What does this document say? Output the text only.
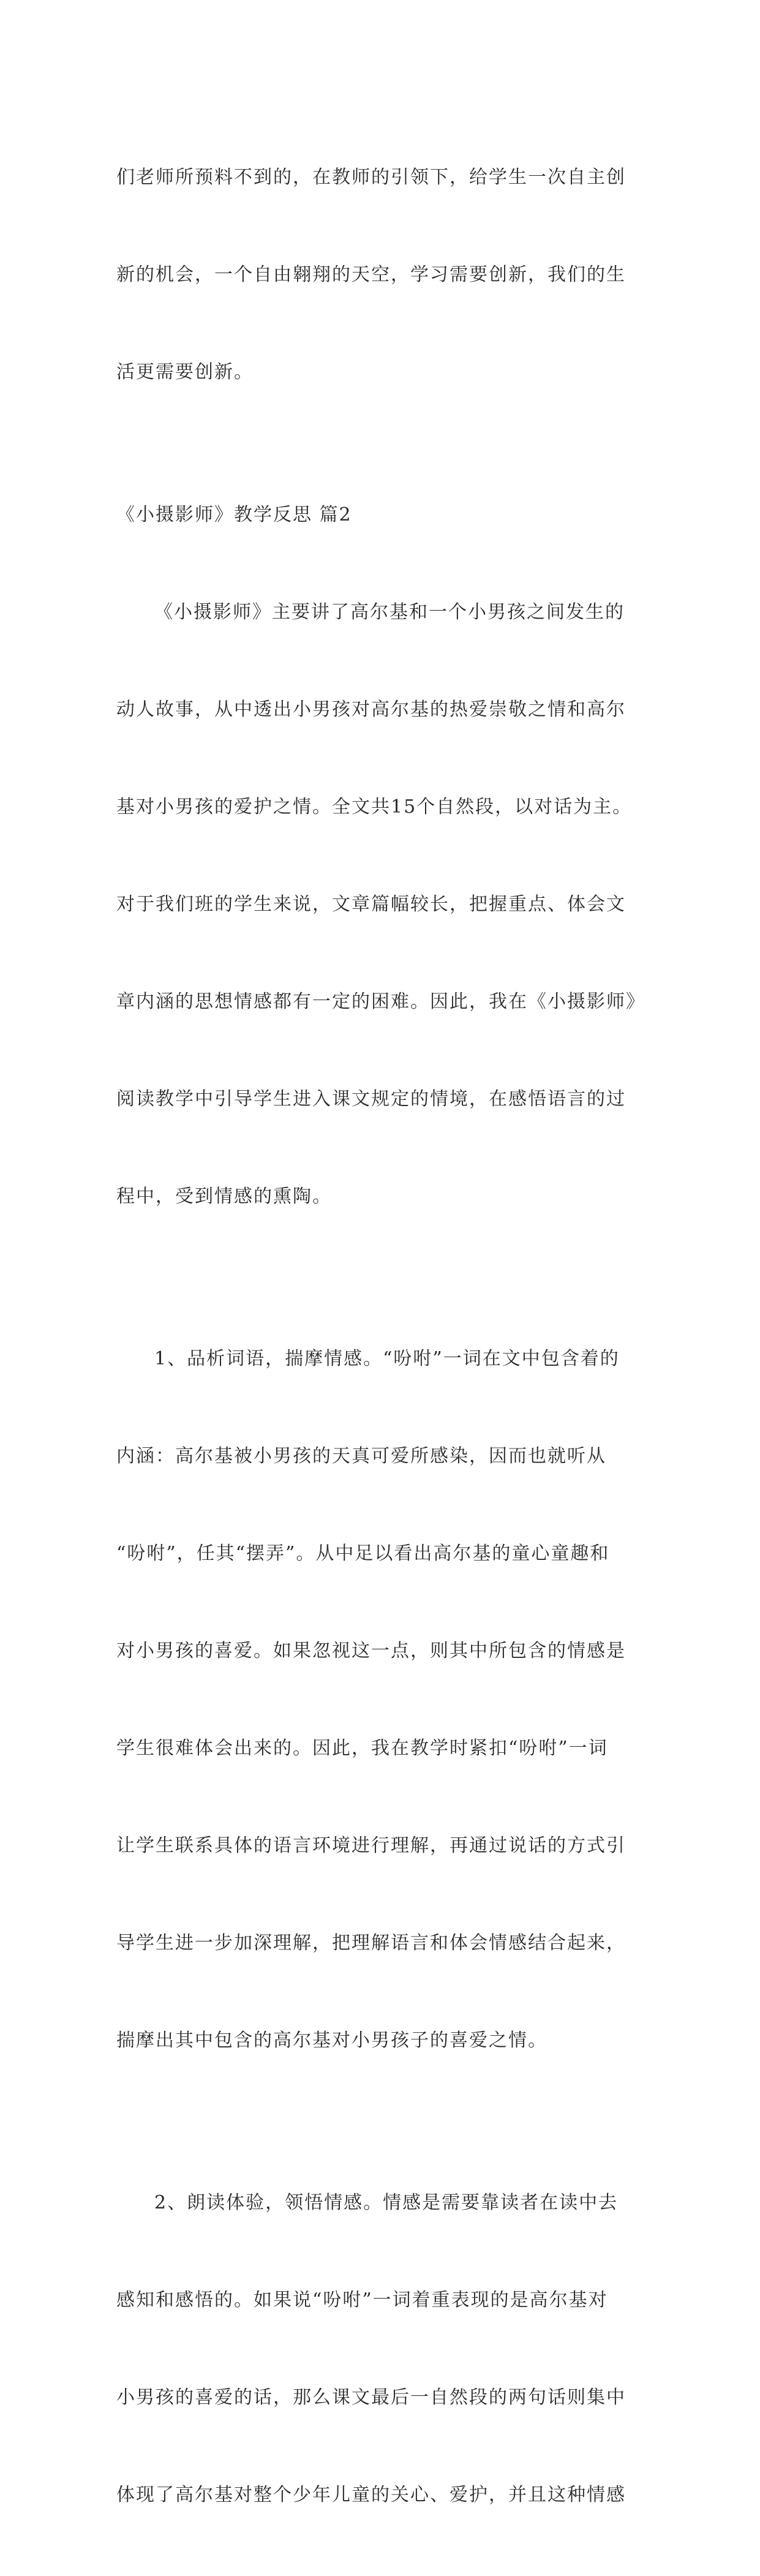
们老师所预料不到的，在教师的引领下，给学生一次自主创

新的机会，一个自由翱翔的天空，学习需要创新，我们的生

活更需要创新。

《小摄影师》教学反思 篇2

《小摄影师》主要讲了高尔基和一个小男孩之间发生的

动人故事，从中透出小男孩对高尔基的热爱崇敬之情和高尔

基对小男孩的爱护之情。全文共15个自然段，以对话为主。

对于我们班的学生来说，文章篇幅较长，把握重点、体会文

章内涵的思想情感都有一定的困难。因此，我在《小摄影师》

阅读教学中引导学生进入课文规定的情境，在感悟语言的过

程中，受到情感的熏陶。

1、品析词语，揣摩情感。“吩咐”一词在文中包含着的

内涵：高尔基被小男孩的天真可爱所感染，因而也就听从

“吩咐”，任其“摆弄”。从中足以看出高尔基的童心童趣和

对小男孩的喜爱。如果忽视这一点，则其中所包含的情感是

学生很难体会出来的。因此，我在教学时紧扣“吩咐”一词

让学生联系具体的语言环境进行理解，再通过说话的方式引

导学生进一步加深理解，把理解语言和体会情感结合起来，

揣摩出其中包含的高尔基对小男孩子的喜爱之情。

2、朗读体验，领悟情感。情感是需要靠读者在读中去

感知和感悟的。如果说“吩咐”一词着重表现的是高尔基对

小男孩的喜爱的话，那么课文最后一自然段的两句话则集中

体现了高尔基对整个少年儿童的关心、爱护，并且这种情感
